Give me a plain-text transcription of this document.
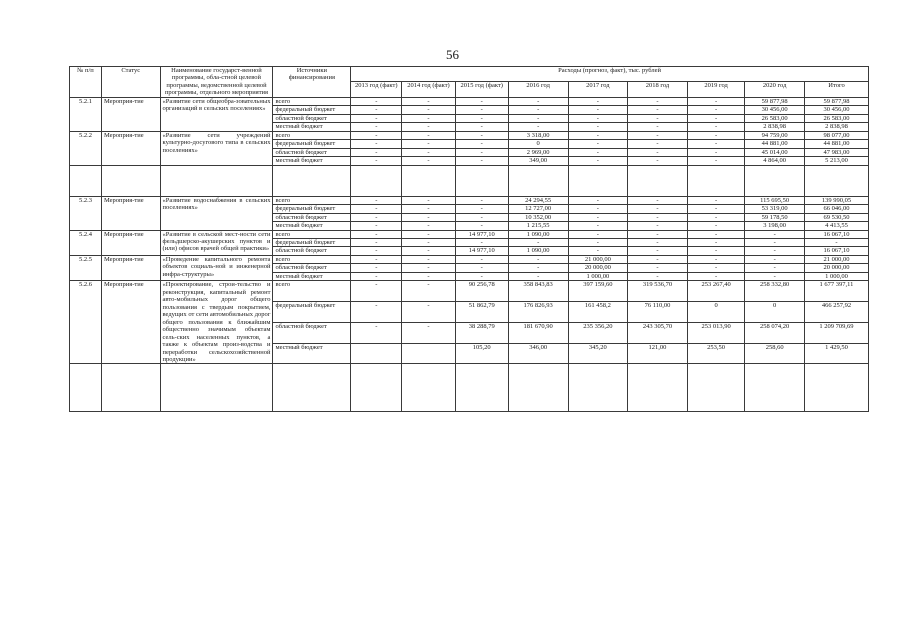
56
№ п/п	Статус	Наименование государст-венной программы, обла-стной целевой программы, ведомственной целевой программы, отдельного мероприятия	Источники финансирования	Расходы (прогноз, факт), тыс. рублей								
				2013 год (факт)	2014 год (факт)	2015 год (факт)	2016 год	2017 год	2018 год	2019 год	2020 год	Итого
5.2.1	Мероприя-тие	«Развитие сети общеобра-зовательных организаций в сельских поселениях»	всего	-	-	-	-	-	-	-	59 877,98	59 877,98
			федеральный бюджет	-	-	-	-	-	-	-	30 456,00	30 456,00
			областной бюджет	-	-	-	-	-	-	-	26 583,00	26 583,00
			местный бюджет	-	-	-	-	-	-	-	2 838,98	2 838,98
5.2.2	Мероприя-тие	«Развитие сети учреждений культурно-досугового типа в сельских поселениях»	всего	-	-	-	3 318,00	-	-	-	94 759,00	98 077,00
			федеральный бюджет	-	-	-	0	-	-	-	44 881,00	44 881,00
			областной бюджет	-	-	-	2 969,00	-	-	-	45 014,00	47 983,00
			местный бюджет	-	-	-	349,00	-	-	-	4 864,00	5 213,00

5.2.3	Мероприя-тие	«Развитие водоснабжения в сельских поселениях»	всего	-	-	-	24 294,55	-	-	-	115 695,50	139 990,05
			федеральный бюджет	-	-	-	12 727,00	-	-	-	53 319,00	66 046,00
			областной бюджет	-	-	-	10 352,00	-	-	-	59 178,50	69 530,50
			местный бюджет	-	-	-	1 215,55	-	-	-	3 198,00	4 413,55
5.2.4	Мероприя-тие	«Развитие в сельской мест-ности сети фельдшерско-акушерских пунктов и (или) офисов врачей общей практики»	всего	-	-	14 977,10	1 090,00	-	-	-	-	16 067,10
			федеральный бюджет	-	-	-	-	-	-	-	-	-
			областной бюджет	-	-	14 977,10	1 090,00	-	-	-	-	16 067,10
5.2.5	Мероприя-тие	«Проведение капитального ремонта объектов социаль-ной и инженерной инфра-структуры»	всего	-	-	-	-	21 000,00	-	-	-	21 000,00
			областной бюджет	-	-	-	-	20 000,00	-	-	-	20 000,00
			местный бюджет	-	-	-	-	1 000,00	-	-	-	1 000,00
5.2.6	Мероприя-тие	«Проектирование, строи-тельство и реконструкция, капитальный ремонт авто-мобильных дорог общего пользования с твердым покрытием, ведущих от сети автомобильных дорог общего пользования к ближайшим общественно значимым объектам сель-ских населенных пунктов, а также к объектам произ-водства и переработки сельскохозяйственной продукции»	всего	-	-	90 256,78	358 843,83	397 159,60	319 536,70	253 267,40	258 332,80	1 677 397,11
			федеральный бюджет	-	-	51 862,79	176 826,93	161 458,2	76 110,00	0	0	466 257,92
			областной бюджет	-	-	38 288,79	181 670,90	235 356,20	243 305,70	253 013,90	258 074,20	1 209 709,69
			местный бюджет			105,20	346,00	345,20	121,00	253,50	258,60	1 429,50
